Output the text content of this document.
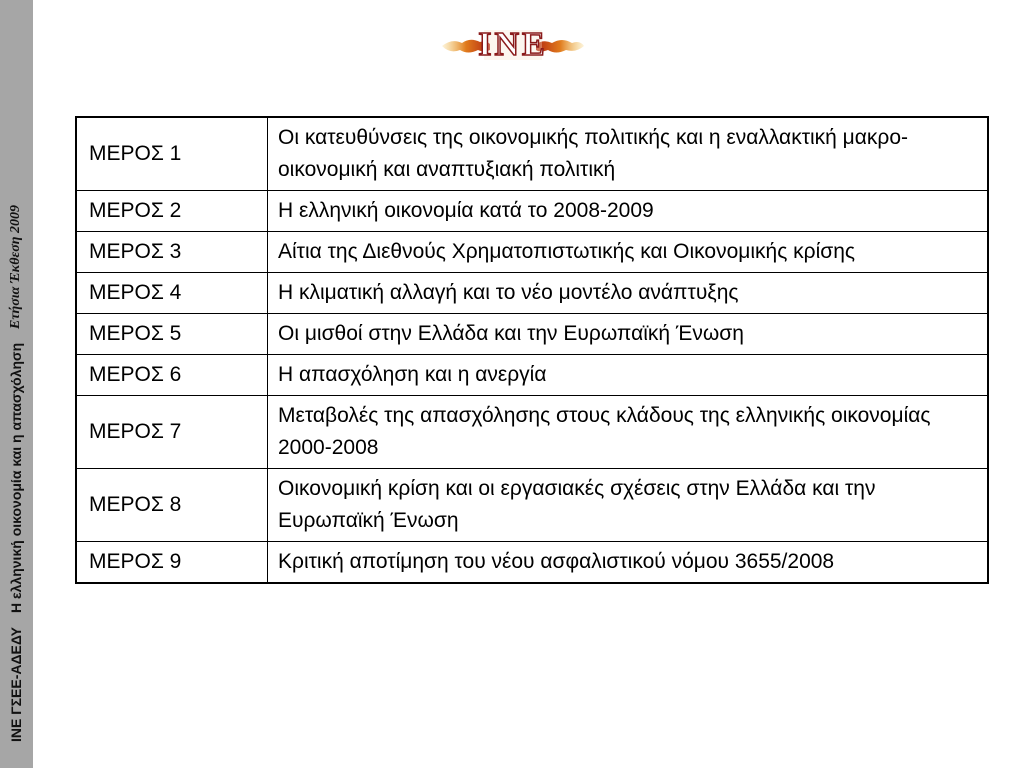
ΙΝΕ ΓΣΕΕ-ΑΔΕΔΥ
Η ελληνική οικονομία και η απασχόληση
Ετήσια Έκθεση 2009
INE
ΜΕΡΟΣ 1	Οι κατευθύνσεις της οικονομικής πολιτικής και η εναλλακτική μακρο-οικονομική και αναπτυξιακή πολιτική
ΜΕΡΟΣ 2	Η ελληνική οικονομία κατά το 2008-2009
ΜΕΡΟΣ 3	Αίτια της Διεθνούς Χρηματοπιστωτικής και Οικονομικής κρίσης
ΜΕΡΟΣ 4	Η κλιματική αλλαγή και το νέο μοντέλο ανάπτυξης
ΜΕΡΟΣ 5	Οι μισθοί στην Ελλάδα και την Ευρωπαϊκή Ένωση
ΜΕΡΟΣ 6	Η απασχόληση και η ανεργία
ΜΕΡΟΣ 7	Μεταβολές της απασχόλησης στους κλάδους της ελληνικής οικονομίας 2000-2008
ΜΕΡΟΣ 8	Οικονομική κρίση και οι εργασιακές σχέσεις στην Ελλάδα και την Ευρωπαϊκή Ένωση
ΜΕΡΟΣ 9	Κριτική αποτίμηση του νέου ασφαλιστικού νόμου 3655/2008
